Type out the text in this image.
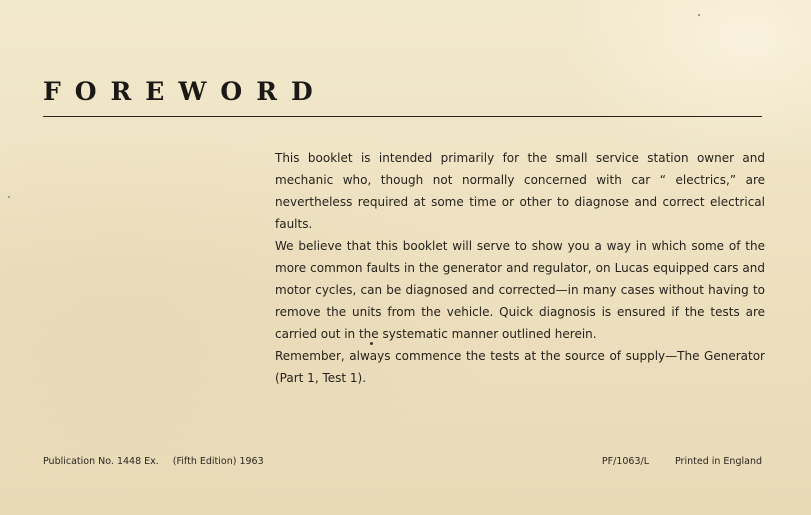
FOREWORD

This booklet is intended primarily for the small service station owner and mechanic who, though not normally concerned with car “ electrics,” are nevertheless required at some time or other to diagnose and correct electrical faults.

We believe that this booklet will serve to show you a way in which some of the more common faults in the generator and regulator, on Lucas equipped cars and motor cycles, can be diagnosed and corrected—in many cases without having to remove the units from the vehicle. Quick diagnosis is ensured if the tests are carried out in the systematic manner outlined herein.

Remember, always commence the tests at the source of supply—The Generator (Part 1, Test 1).

Publication No. 1448 Ex. (Fifth Edition) 1963	PF/1063/L	Printed in England
